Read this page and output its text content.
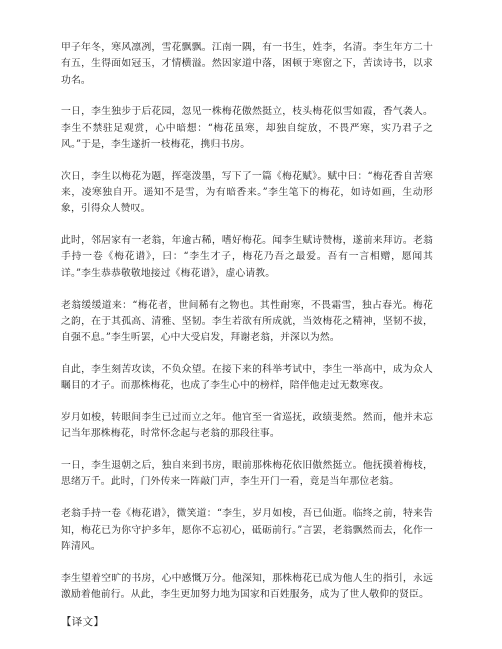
甲子年冬，寒风凛冽，雪花飘飘。江南一隅，有一书生，姓李，名清。李生年方二十有五，生得面如冠玉，才情横溢。然因家道中落，困顿于寒窗之下，苦读诗书，以求功名。

一日，李生独步于后花园，忽见一株梅花傲然挺立，枝头梅花似雪如霞，香气袭人。李生不禁驻足观赏，心中暗想：“梅花虽寒，却独自绽放，不畏严寒，实乃君子之风。”于是，李生遂折一枝梅花，携归书房。

次日，李生以梅花为题，挥毫泼墨，写下了一篇《梅花赋》。赋中曰：“梅花香自苦寒来，凌寒独自开。遥知不是雪，为有暗香来。”李生笔下的梅花，如诗如画，生动形象，引得众人赞叹。

此时，邻居家有一老翁，年逾古稀，嗜好梅花。闻李生赋诗赞梅，遂前来拜访。老翁手持一卷《梅花谱》，曰：“李生才子，梅花乃吾之最爱。吾有一言相赠，愿闻其详。”李生恭恭敬敬地接过《梅花谱》，虚心请教。

老翁缓缓道来：“梅花者，世间稀有之物也。其性耐寒，不畏霜雪，独占春光。梅花之韵，在于其孤高、清雅、坚韧。李生若欲有所成就，当效梅花之精神，坚韧不拔，自强不息。”李生听罢，心中大受启发，拜谢老翁，并深以为然。

自此，李生刻苦攻读，不负众望。在接下来的科举考试中，李生一举高中，成为众人瞩目的才子。而那株梅花，也成了李生心中的榜样，陪伴他走过无数寒夜。

岁月如梭，转眼间李生已过而立之年。他官至一省巡抚，政绩斐然。然而，他并未忘记当年那株梅花，时常怀念起与老翁的那段往事。

一日，李生退朝之后，独自来到书房，眼前那株梅花依旧傲然挺立。他抚摸着梅枝，思绪万千。此时，门外传来一阵敲门声，李生开门一看，竟是当年那位老翁。

老翁手持一卷《梅花谱》，微笑道：“李生，岁月如梭，吾已仙逝。临终之前，特来告知，梅花已为你守护多年，愿你不忘初心，砥砺前行。”言罢，老翁飘然而去，化作一阵清风。

李生望着空旷的书房，心中感慨万分。他深知，那株梅花已成为他人生的指引，永远激励着他前行。从此，李生更加努力地为国家和百姓服务，成为了世人敬仰的贤臣。

【译文】
